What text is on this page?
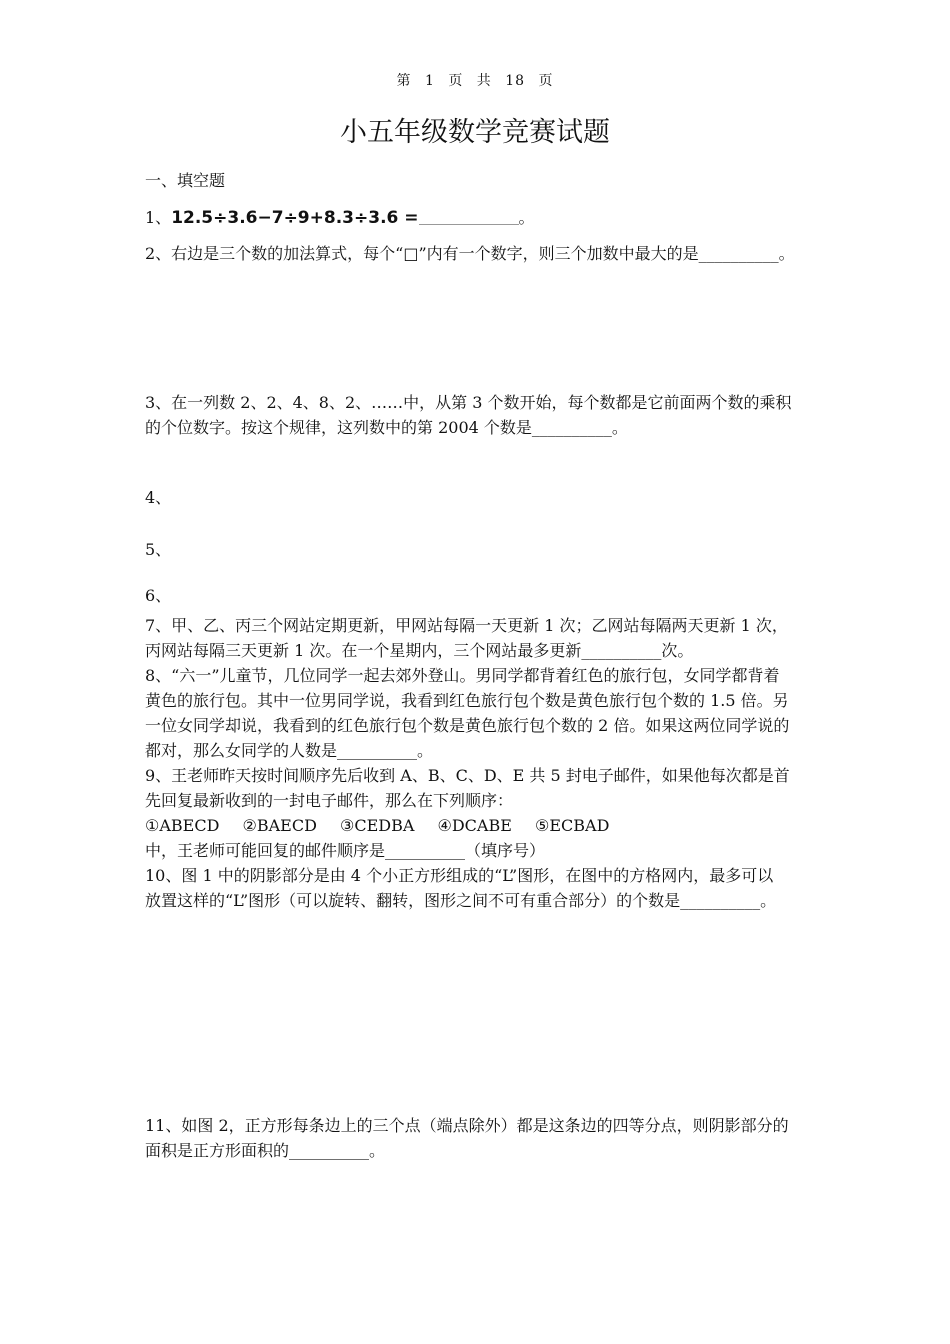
第 1 页 共 18 页
小五年级数学竞赛试题
一、填空题

1、12.5÷3.6−7÷9+8.3÷3.6 =	。

2、右边是三个数的加法算式，每个“□”内有一个数字，则三个加数中最大的是__________。

3、在一列数 2、2、4、8、2、……中，从第 3 个数开始，每个数都是它前面两个数的乘积

的个位数字。按这个规律，这列数中的第 2004 个数是__________。

4、

5、

6、

7、甲、乙、丙三个网站定期更新，甲网站每隔一天更新 1 次；乙网站每隔两天更新 1 次，

丙网站每隔三天更新 1 次。在一个星期内，三个网站最多更新__________次。

8、“六一”儿童节，几位同学一起去郊外登山。男同学都背着红色的旅行包，女同学都背着

黄色的旅行包。其中一位男同学说，我看到红色旅行包个数是黄色旅行包个数的 1.5 倍。另

一位女同学却说，我看到的红色旅行包个数是黄色旅行包个数的 2 倍。如果这两位同学说的

都对，那么女同学的人数是__________。

9、王老师昨天按时间顺序先后收到 A、B、C、D、E 共 5 封电子邮件，如果他每次都是首

先回复最新收到的一封电子邮件，那么在下列顺序：

①ABECD ②BAECD ③CEDBA ④DCABE ⑤ECBAD

中，王老师可能回复的邮件顺序是__________（填序号）

10、图 1 中的阴影部分是由 4 个小正方形组成的“L”图形，在图中的方格网内，最多可以

放置这样的“L”图形（可以旋转、翻转，图形之间不可有重合部分）的个数是__________。

11、如图 2，正方形每条边上的三个点（端点除外）都是这条边的四等分点，则阴影部分的

面积是正方形面积的__________。
